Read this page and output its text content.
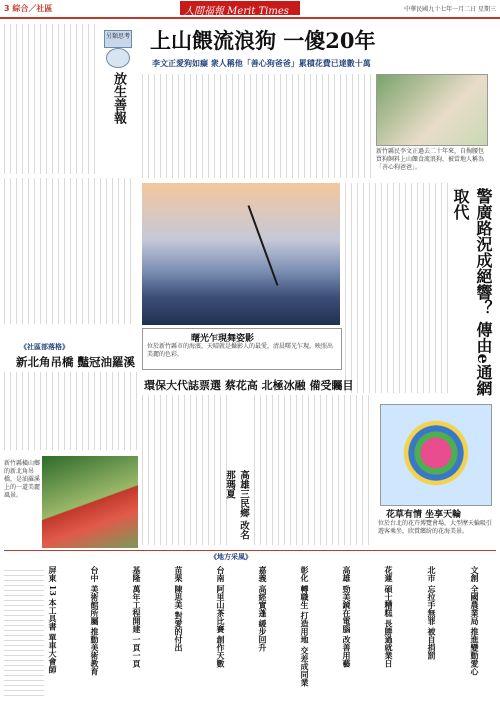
3 綜合／社區	人間福報 Merit Times	中華民國九十七年一月二日 星期三
另類思考
放生善報
上山餵流浪狗 一傻20年
李文正愛狗如癡 衆人稱他「善心狗爸爸」累積花費已達數十萬
新竹縣民李文正過去二十年來，自掏腰包買狗飼料上山餵食流浪狗，被當地人稱為「善心狗爸爸」。
曙光乍現舞姿影
位於新竹縣市的海濱，天晴就是攝影人的最愛，清晨曙光乍現，映照出美麗的色彩。	警廣路況成絕響？ 傳由e通網取代
《社區部落格》
新北角吊橋 豔冠油羅溪
新竹縣橫山鄉的新北角吊橋，是油羅溪上的一道美麗風景。
環保大代誌票選 蔡花高 北極冰融 備受矚目
高雄三民鄉 改名那瑪夏
花草有情 坐享天輪
位於台北的花卉博覽會場，大型摩天輪吸引遊客乘坐，欣賞繽紛的花海美景。
《地方采風》
文創 全國農業局 推進變動愛心
北市 忘拉手無罪 被自捐罰
花蓮 碩士糟糕 長勝過就業日
高雄 勁美鏡在電腦 改善用藝
彰化 轉職生 打造用地 交差成同業
嘉義 高經實蓬 緩步回升
台南 阿里山茶比賽 創作天數
苗栗 陳思美 對愛的付出
基隆 萬年工程開建 一頁一頁
台中 美術館所屬 推動美術教育
屏東 13 本工具書 單車大會師
